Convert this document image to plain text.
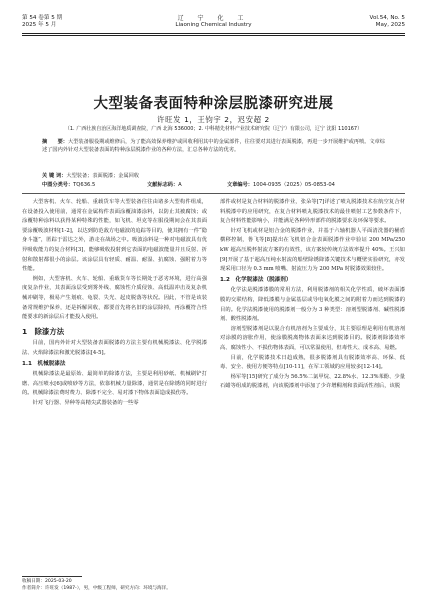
第 54 卷第 5 期
2025 年 5 月
辽 宁 化 工
Liaoning Chemical Industry
Vol.54, No. 5
May, 2025
大型装备表面特种涂层脱漆研究进展
许旺发 1，王钧宇 2，迟安超 2
（1. 广西壮族自治区海洋地质调查院，广西 北海 536000；2. 中科精先材料产业技术研究院（辽宁）有限公司，辽宁 沈阳 110167）
摘　　要：大型装备服役期或维修后，为了能高效保养维护或回收利用其中的金属部件，往往要对其进行表面脱漆，再进一步开展维护或再喷。文章综述了国内外针对大型装备表面的特种涂层脱漆作业的各种方法，汇总各种方法的优劣。
关 键 词：大型装备；表面脱漆；金属回收
中图分类号：TQ636.5	文献标志码：A	文章编号：1004-0935（2025）05-0853-04

大型客机、火车、轮船、重载货车等大型装备往往由诸多大型构件组成，在设备投入使用前，通常在金属构件表面涂覆油漆涂料，以防止其被腐蚀；或涂覆特种涂料以获得某种特殊的性能，如飞机、坦克等在服役期间会在其表面要涂覆吸波材料[1-2]，以达到防范敌方电磁波的追踪等目的，使其拥有一件“隐身斗篷”，匿踪于雷达之外，游走在战场之中。吸波涂料是一种对电磁波具有优异吸收能力的复合材料[3]，能够吸收投射到它表面的电磁波能量并且反射、折射和散射都很小的涂层。该涂层具有轻质、耐温、耐湿、抗腐蚀、强附着力等性能。

例如，大型客机、火车、轮船、重载货车等长期处于恶劣环境，进行高强度复杂作业，其表面涂层受到雾外线、腐蚀性介质侵蚀、高低温冲击及复杂机械冲刷等，极易产生划痕、龟裂、失光、起皮脱落等状况。因此，不管是该装备常规维护保养，还是拆解回收，都要首先将名旧的涂层除掉，再涂覆符合性能要求的新涂层后才能投入使用。

1　除漆方法

目前，国内外针对大型装备表面脱漆的方法主要有机械脱漆法、化学脱漆法、火焰除漆法和激光脱漆法[4-5]。

1.1　机械脱漆法

机械除漆法是最原始、最简单的除漆方法，主要是利用砂纸、机械刷铲打磨、高压喷水[6]或喷砂等方法，依靠机械力量除漆，通常是在除锈的同时进行的。机械除漆法费时费力、除漆不完全、易对漆下物体表面造成损伤等。

针对飞行器、异种等高精尖武器装备的一些零

部件或材是复合材料的脱漆作业，张朵等[7]详述了喷丸脱漆技术在航空复合材料脱漆中的应用研究，在复合材料喷丸脱漆技术的最佳喷射工艺参数条件下，复合材料性能影响小，并能满足各种异形部件的脱漆要求及环保等要求。

针对飞机或材是铝合金的脱漆作业，并基于六轴机器人平面清洗器的桶盾横移控制，鲁飞等[8]提出在飞机铝合金表面脱漆作业中验证 200 MPa/250 kW 超高压脱杯射流方案的有效性，该方案较传统方法效率提升 40%。王兴如[9]开展了基于超高压纯水射流的船壁除锈降漆关键技术与概壁实验研究，亦发现采用口径为 0.3 mm 喷嘴、射流压力为 200 MPa 时脱漆效果较佳。

1.2　化学脱漆法（脱漆剂）

化学法是脱漆漆膜的常用方法，利用脱漆剂的相关化学性质，破坏表面漆膜的交联结构，降低漆膜与金属基层或导电氧化膜之间的附着力而达到脱漆的目的。化学法脱漆使用的脱漆剂一般分为 3 种类型：溶剂型脱漆剂、碱性脱漆剂、酸性脱漆剂。

溶剂型脱漆剂是以混合有机溶剂为主要成分，其主要原理是利用有机溶剂对涂膜的溶胀作用，使涂膜脱离物体表面来达到脱漆目的。脱漆剂除漆效率高、腐蚀性小、不损伤物体表面，可以常温使用，但毒性大、成本高、易燃。

目前，化学脱漆技术日趋成熟，很多脱漆剂具有脱漆效率高、环保、低毒、安全、使用方便等特点[10-11]，在军工领域的应用较多[12-14]。

杨军等[15]研究了成分为 56.5%二氯甲烷、22.8%水、12.3%苯酚、少量石蜡等组成的脱漆剂，向该脱漆剂中添加了少许增稠剂和表面活性剂后，该脱

收稿日期：2025-03-20
作者简介：许旺发（1987-），男，中级工程师，研究方向：环境与海洋。
